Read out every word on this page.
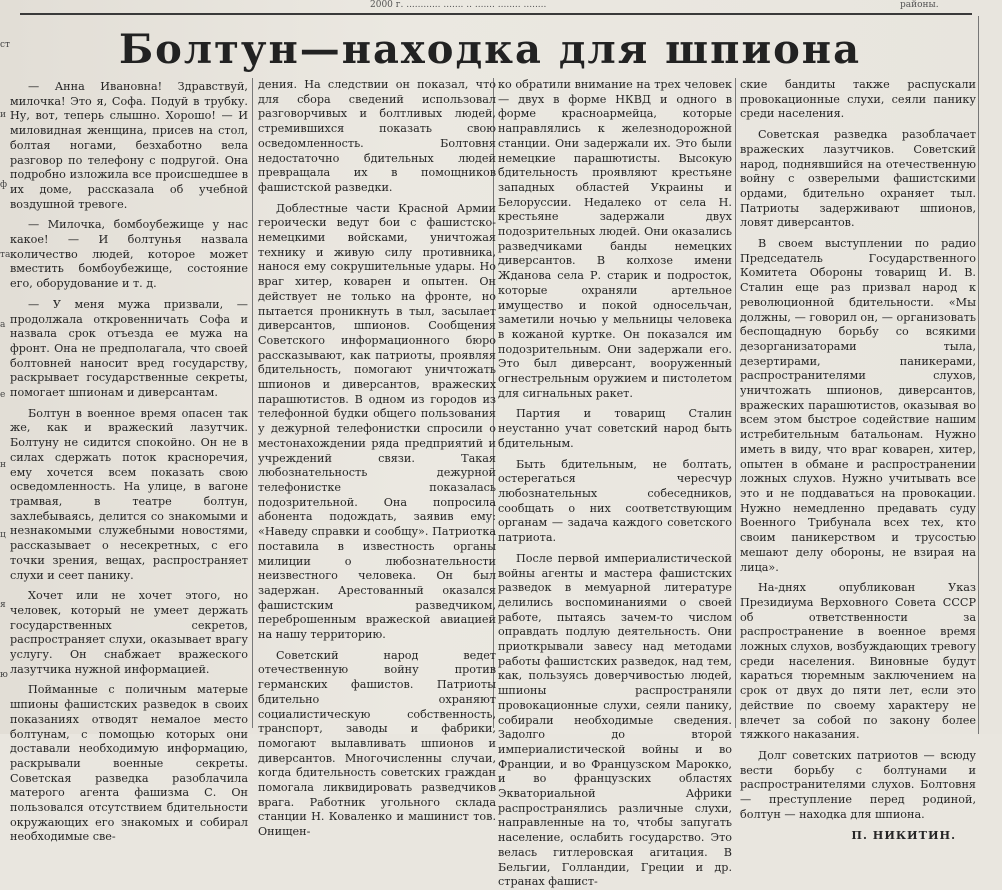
2000 г. ............ ....... .. ....... ........ ........	районы.
ст
и
ф
та
а
е
н
ц
я
ю
Болтун—находка для шпиона

— Анна Ивановна! Здравствуй, милочка! Это я, Софа. Подуй в трубку. Ну, вот, теперь слышно. Хорошо! — И миловидная женщина, присев на стол, болтая ногами, безхаботно вела разговор по телефону с подругой. Она подробно изложила все происшедшее в их доме, рассказала об учебной воздушной тревоге.

— Милочка, бомбоубежище у нас какое! — И болтунья назвала количество людей, которое может вместить бомбоубежище, состояние его, оборудование и т. д.

— У меня мужа призвали, — продолжала откровенничать Софа и назвала срок отъезда ее мужа на фронт. Она не предполагала, что своей болтовней наносит вред государству, раскрывает государственные секреты, помогает шпионам и диверсантам.

Болтун в военное время опасен так же, как и вражеский лазутчик. Болтуну не сидится спокойно. Он не в силах сдержать поток красноречия, ему хочется всем показать свою осведомленность. На улице, в вагоне трамвая, в театре болтун, захлебываясь, делится со знакомыми и незнакомыми служебными новостями, рассказывает о несекретных, с его точки зрения, вещах, распространяет слухи и сеет панику.

Хочет или не хочет этого, но человек, который не умеет держать государственных секретов, распространяет слухи, оказывает врагу услугу. Он снабжает вражеского лазутчика нужной информацией.

Пойманные с поличным матерые шпионы фашистских разведок в своих показаниях отводят немалое место болтунам, с помощью которых они доставали необходимую информацию, раскрывали военные секреты. Советская разведка разоблачила матерого агента фашизма С. Он пользовался отсутствием бдительности окружающих его знакомых и собирал необходимые све-

дения. На следствии он показал, что для сбора сведений использовал разговорчивых и болтливых людей, стремившихся показать свою осведомленность. Болтовня недостаточно бдительных людей превращала их в помощников фашистской разведки.

Доблестные части Красной Армии героически ведут бои с фашистско-немецкими войсками, уничтожая технику и живую силу противника, нанося ему сокрушительные удары. Но враг хитер, коварен и опытен. Он действует не только на фронте, но пытается проникнуть в тыл, засылает диверсантов, шпионов. Сообщения Советского информационного бюро рассказывают, как патриоты, проявляя бдительность, помогают уничтожать шпионов и диверсантов, вражеских парашютистов. В одном из городов из телефонной будки общего пользования у дежурной телефонистки спросили о местонахождении ряда предприятий и учреждений связи. Такая любознательность дежурной телефонистке показалась подозрительной. Она попросила абонента подождать, заявив ему: «Наведу справки и сообщу». Патриотка поставила в известность органы милиции о любознательности неизвестного человека. Он был задержан. Арестованный оказался фашистским разведчиком, переброшенным вражеской авиацией на нашу территорию.

Советский народ ведет отечественную войну против германских фашистов. Патриоты бдительно охраняют социалистическую собственность, транспорт, заводы и фабрики, помогают вылавливать шпионов и диверсантов. Многочисленны случаи, когда бдительность советских граждан помогала ликвидировать разведчиков врага. Работник угольного склада станции Н. Коваленко и машинист тов. Онищен-

ко обратили внимание на трех человек — двух в форме НКВД и одного в форме красноармейца, которые направлялись к железнодорожной станции. Они задержали их. Это были немецкие парашютисты. Высокую бдительность проявляют крестьяне западных областей Украины и Белоруссии. Недалеко от села Н. крестьяне задержали двух подозрительных людей. Они оказались разведчиками банды немецких диверсантов. В колхозе имени Жданова села Р. старик и подросток, которые охраняли артельное имущество и покой односельчан, заметили ночью у мельницы человека в кожаной куртке. Он показался им подозрительным. Они задержали его. Это был диверсант, вооруженный огнестрельным оружием и пистолетом для сигнальных ракет.

Партия и товарищ Сталин неустанно учат советский народ быть бдительным.

Быть бдительным, не болтать, остерегаться чересчур любознательных собеседников, сообщать о них соответствующим органам — задача каждого советского патриота.

После первой империалистической войны агенты и мастера фашистских разведок в мемуарной литературе делились воспоминаниями о своей работе, пытаясь зачем-то числом оправдать подлую деятельность. Они приоткрывали завесу над методами работы фашистских разведок, над тем, как, пользуясь доверчивостью людей, шпионы распространяли провокационные слухи, сеяли панику, собирали необходимые сведения. Задолго до второй империалистической войны и во Франции, и во Французском Марокко, и во французских областях Экваториальной Африки распространялись различные слухи, направленные на то, чтобы запугать население, ослабить государство. Это велась гитлеровская агитация. В Бельгии, Голландии, Греции и др. странах фашист-

ские бандиты также распускали провокационные слухи, сеяли панику среди населения.

Советская разведка разоблачает вражеских лазутчиков. Советский народ, поднявшийся на отечественную войну с озверелыми фашистскими ордами, бдительно охраняет тыл. Патриоты задерживают шпионов, ловят диверсантов.

В своем выступлении по радио Председатель Государственного Комитета Обороны товарищ И. В. Сталин еще раз призвал народ к революционной бдительности. «Мы должны, — говорил он, — организовать беспощадную борьбу со всякими дезорганизаторами тыла, дезертирами, паникерами, распространителями слухов, уничтожать шпионов, диверсантов, вражеских парашютистов, оказывая во всем этом быстрое содействие нашим истребительным батальонам. Нужно иметь в виду, что враг коварен, хитер, опытен в обмане и распространении ложных слухов. Нужно учитывать все это и не поддаваться на провокации. Нужно немедленно предавать суду Военного Трибунала всех тех, кто своим паникерством и трусостью мешают делу обороны, не взирая на лица».

На-днях опубликован Указ Президиума Верховного Совета СССР об ответственности за распространение в военное время ложных слухов, возбуждающих тревогу среди населения. Виновные будут караться тюремным заключением на срок от двух до пяти лет, если это действие по своему характеру не влечет за собой по закону более тяжкого наказания.

Долг советских патриотов — всюду вести борьбу с болтунами и распространителями слухов. Болтовня — преступление перед родиной, болтун — находка для шпиона.

П. НИКИТИН.
